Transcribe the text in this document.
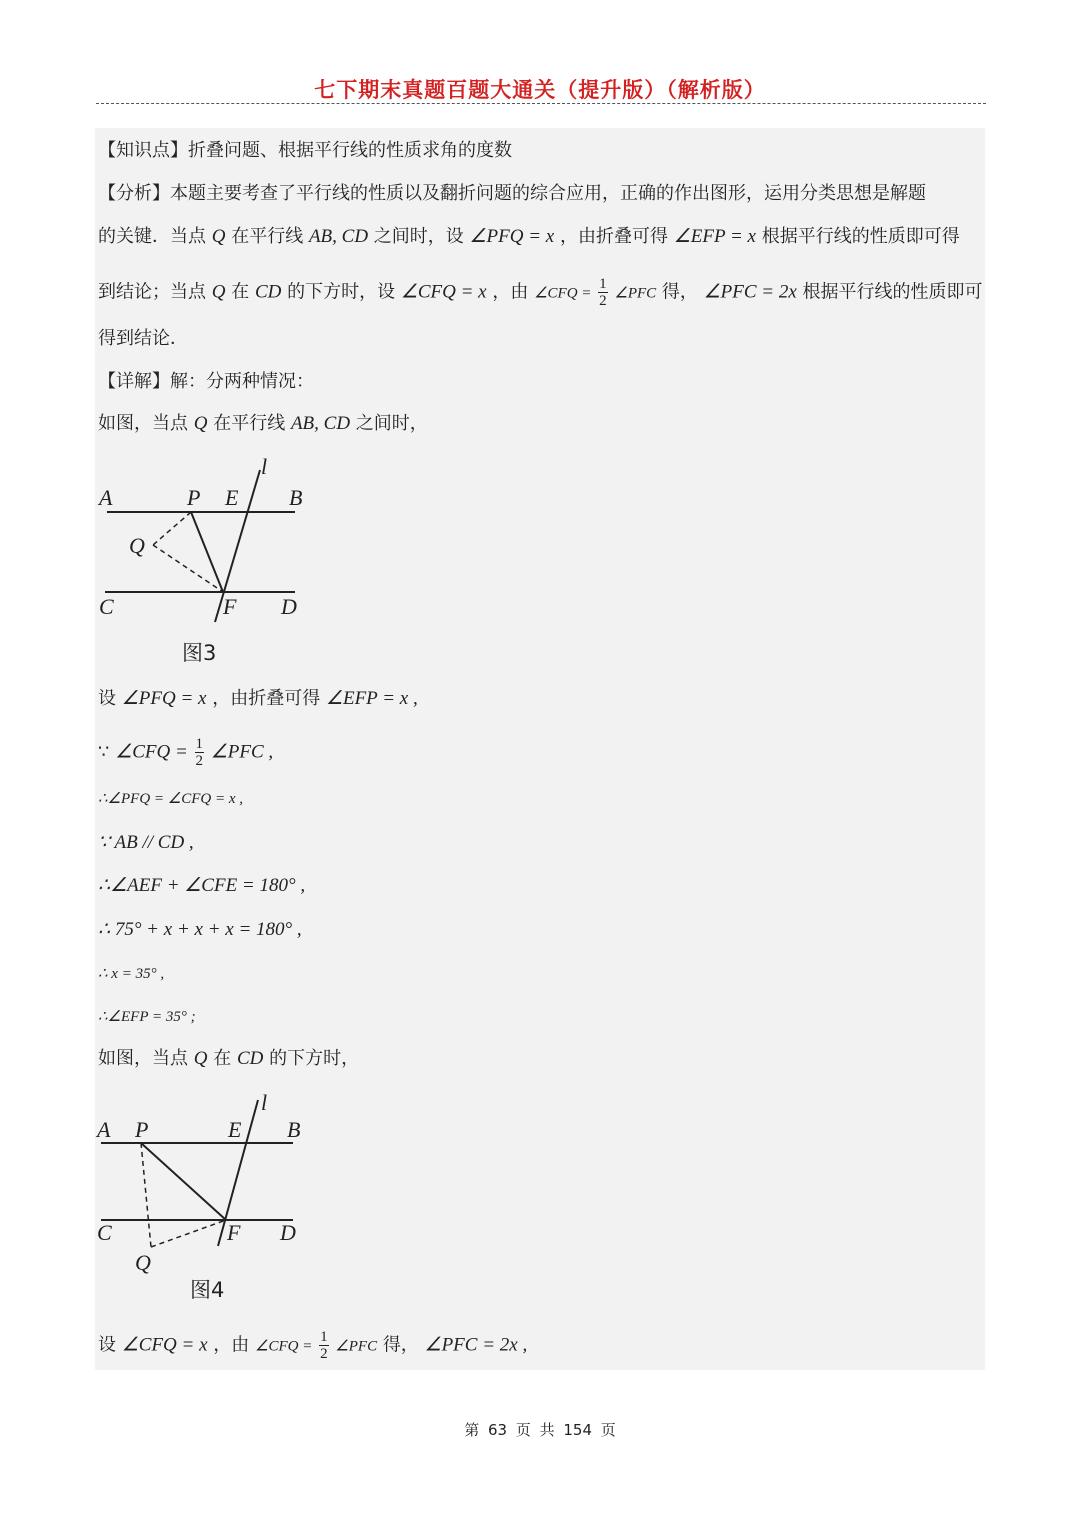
七下期末真题百题大通关（提升版）（解析版）
【知识点】折叠问题、根据平行线的性质求角的度数
【分析】本题主要考查了平行线的性质以及翻折问题的综合应用，正确的作出图形，运用分类思想是解题
的关键．当点 Q 在平行线 AB, CD 之间时，设 ∠PFQ = x ，由折叠可得 ∠EFP = x 根据平行线的性质即可得
到结论；当点 Q 在 CD 的下方时，设 ∠CFQ = x ，由 ∠CFQ = $\frac{1}{2}$ ∠PFC 得， ∠PFC = 2x 根据平行线的性质即可
得到结论．
【详解】解：分两种情况：
如图，当点 Q 在平行线 AB, CD 之间时，
A	P E B
l
Q
C	F D
图3
设 ∠PFQ = x ，由折叠可得 ∠EFP = x ,
∵ ∠CFQ = $\frac{1}{2}$ ∠PFC ,
∴∠PFQ = ∠CFQ = x ,
∵ AB // CD ,
∴∠AEF + ∠CFE = 180° ,
∴ 75° + x + x + x = 180° ,
∴ x = 35° ,
∴∠EFP = 35° ;
如图，当点 Q 在 CD 的下方时，
A P	E B
l
C	F D
Q
图4
设 ∠CFQ = x ，由 ∠CFQ = $\frac{1}{2}$ ∠PFC 得， ∠PFC = 2x ,
第 63 页 共 154 页
